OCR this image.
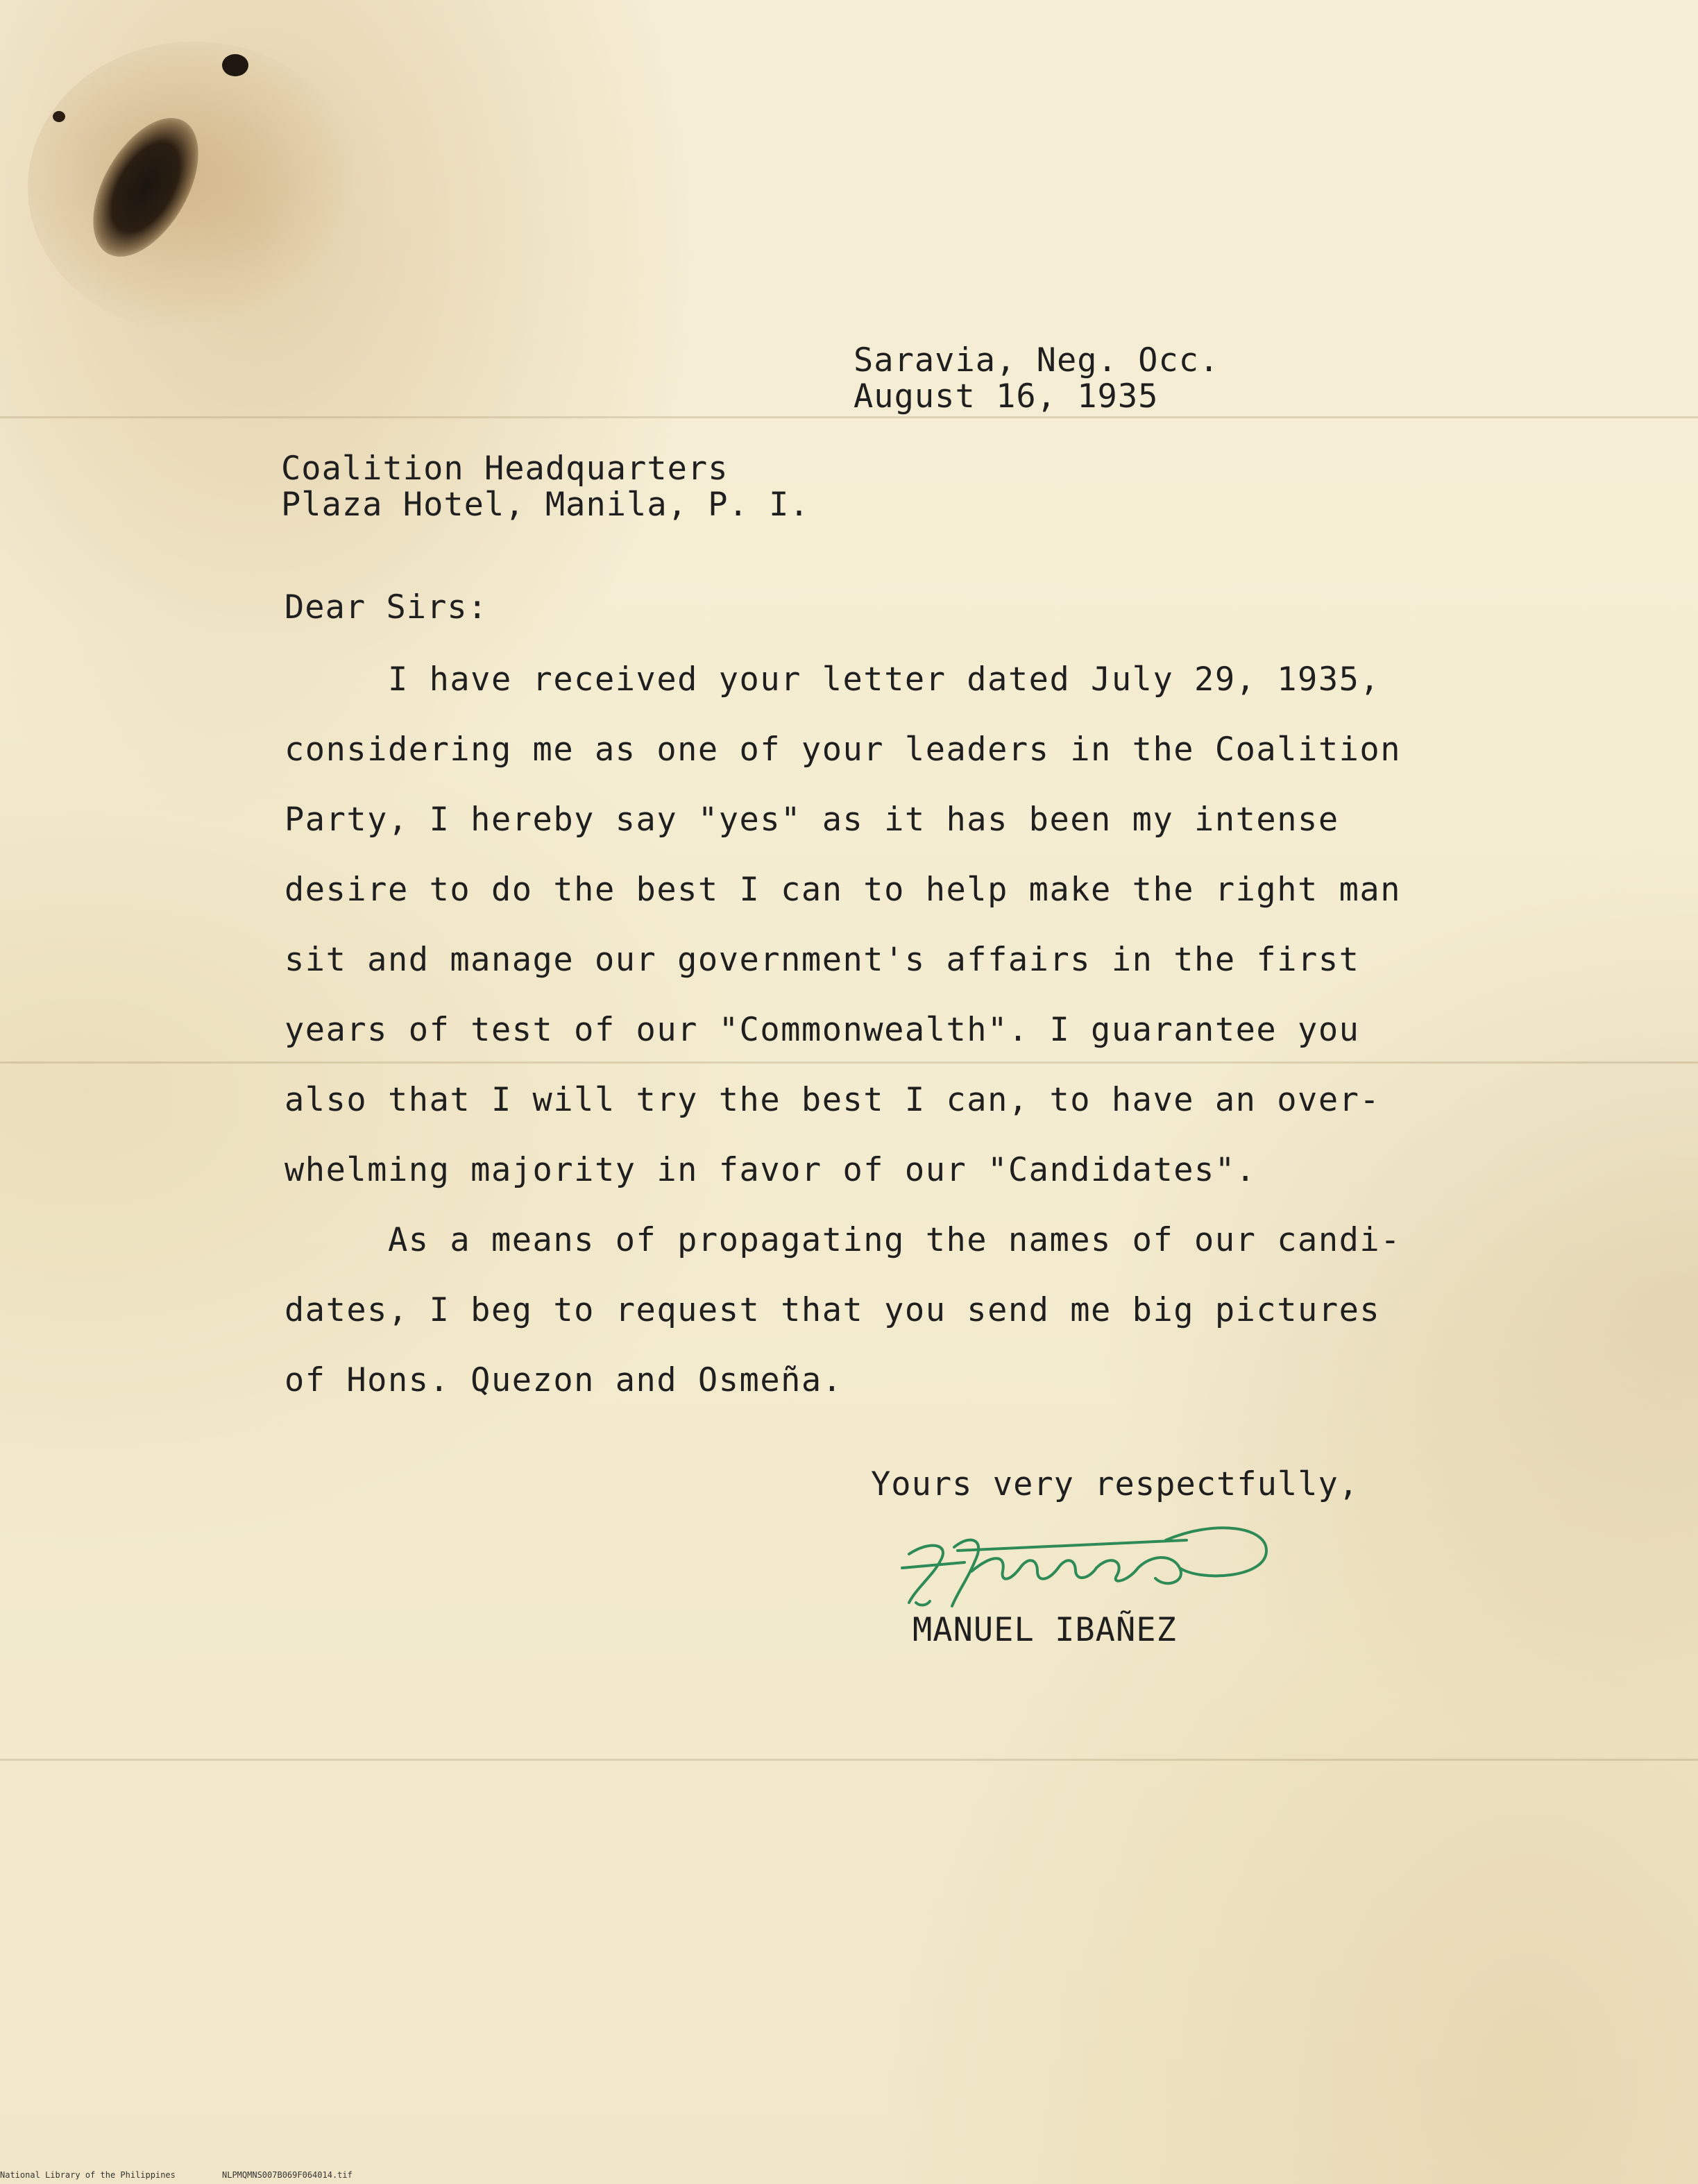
Saravia, Neg. Occ.
August 16, 1935
Coalition Headquarters
Plaza Hotel, Manila, P. I.
Dear Sirs:
I have received your letter dated July 29, 1935,
considering me as one of your leaders in the Coalition
Party, I hereby say "yes" as it has been my intense
desire to do the best I can to help make the right man
sit and manage our government's affairs in the first
years of test of our "Commonwealth". I guarantee you
also that I will try the best I can, to have an over-
whelming majority in favor of our "Candidates".
As a means of propagating the names of our candi-
dates, I beg to request that you send me big pictures
of Hons. Quezon and Osmeña.
Yours very respectfully,
MANUEL IBAÑEZ
National Library of the Philippines	NLPMQMNS007B069F064014.tif
